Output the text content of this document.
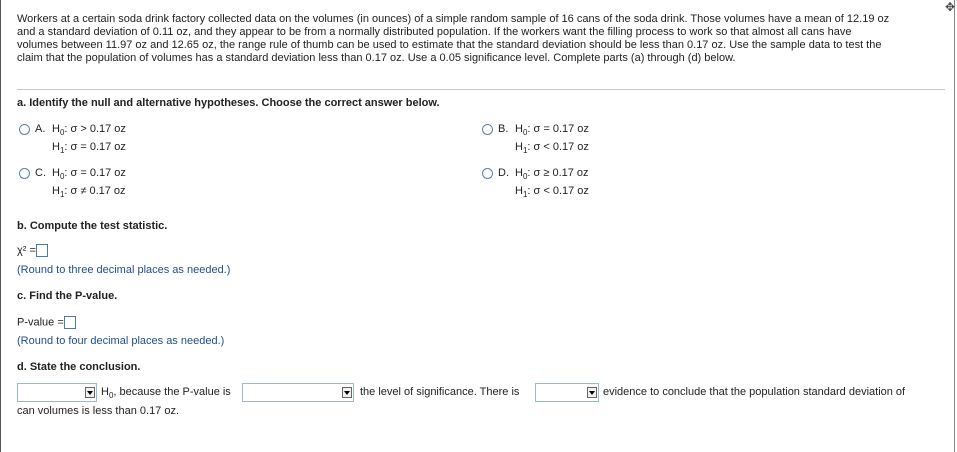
✥
Workers at a certain soda drink factory collected data on the volumes (in ounces) of a simple random sample of 16 cans of the soda drink. Those volumes have a mean of 12.19 oz
and a standard deviation of 0.11 oz, and they appear to be from a normally distributed population. If the workers want the filling process to work so that almost all cans have
volumes between 11.97 oz and 12.65 oz, the range rule of thumb can be used to estimate that the standard deviation should be less than 0.17 oz. Use the sample data to test the
claim that the population of volumes has a standard deviation less than 0.17 oz. Use a 0.05 significance level. Complete parts (a) through (d) below.
a. Identify the null and alternative hypotheses. Choose the correct answer below.
A. $H_0$: σ > 0.17 oz
$H_1$: σ = 0.17 oz
B. $H_0$: σ = 0.17 oz
$H_1$: σ < 0.17 oz
C. $H_0$: σ = 0.17 oz
$H_1$: σ ≠ 0.17 oz
D. $H_0$: σ ≥ 0.17 oz
$H_1$: σ < 0.17 oz
b. Compute the test statistic.
χ² =
(Round to three decimal places as needed.)
c. Find the P-value.
P-value =
(Round to four decimal places as needed.)
d. State the conclusion.
$H_0$, because the P-value is	the level of significance. There is	evidence to conclude that the population standard deviation of
can volumes is less than 0.17 oz.
